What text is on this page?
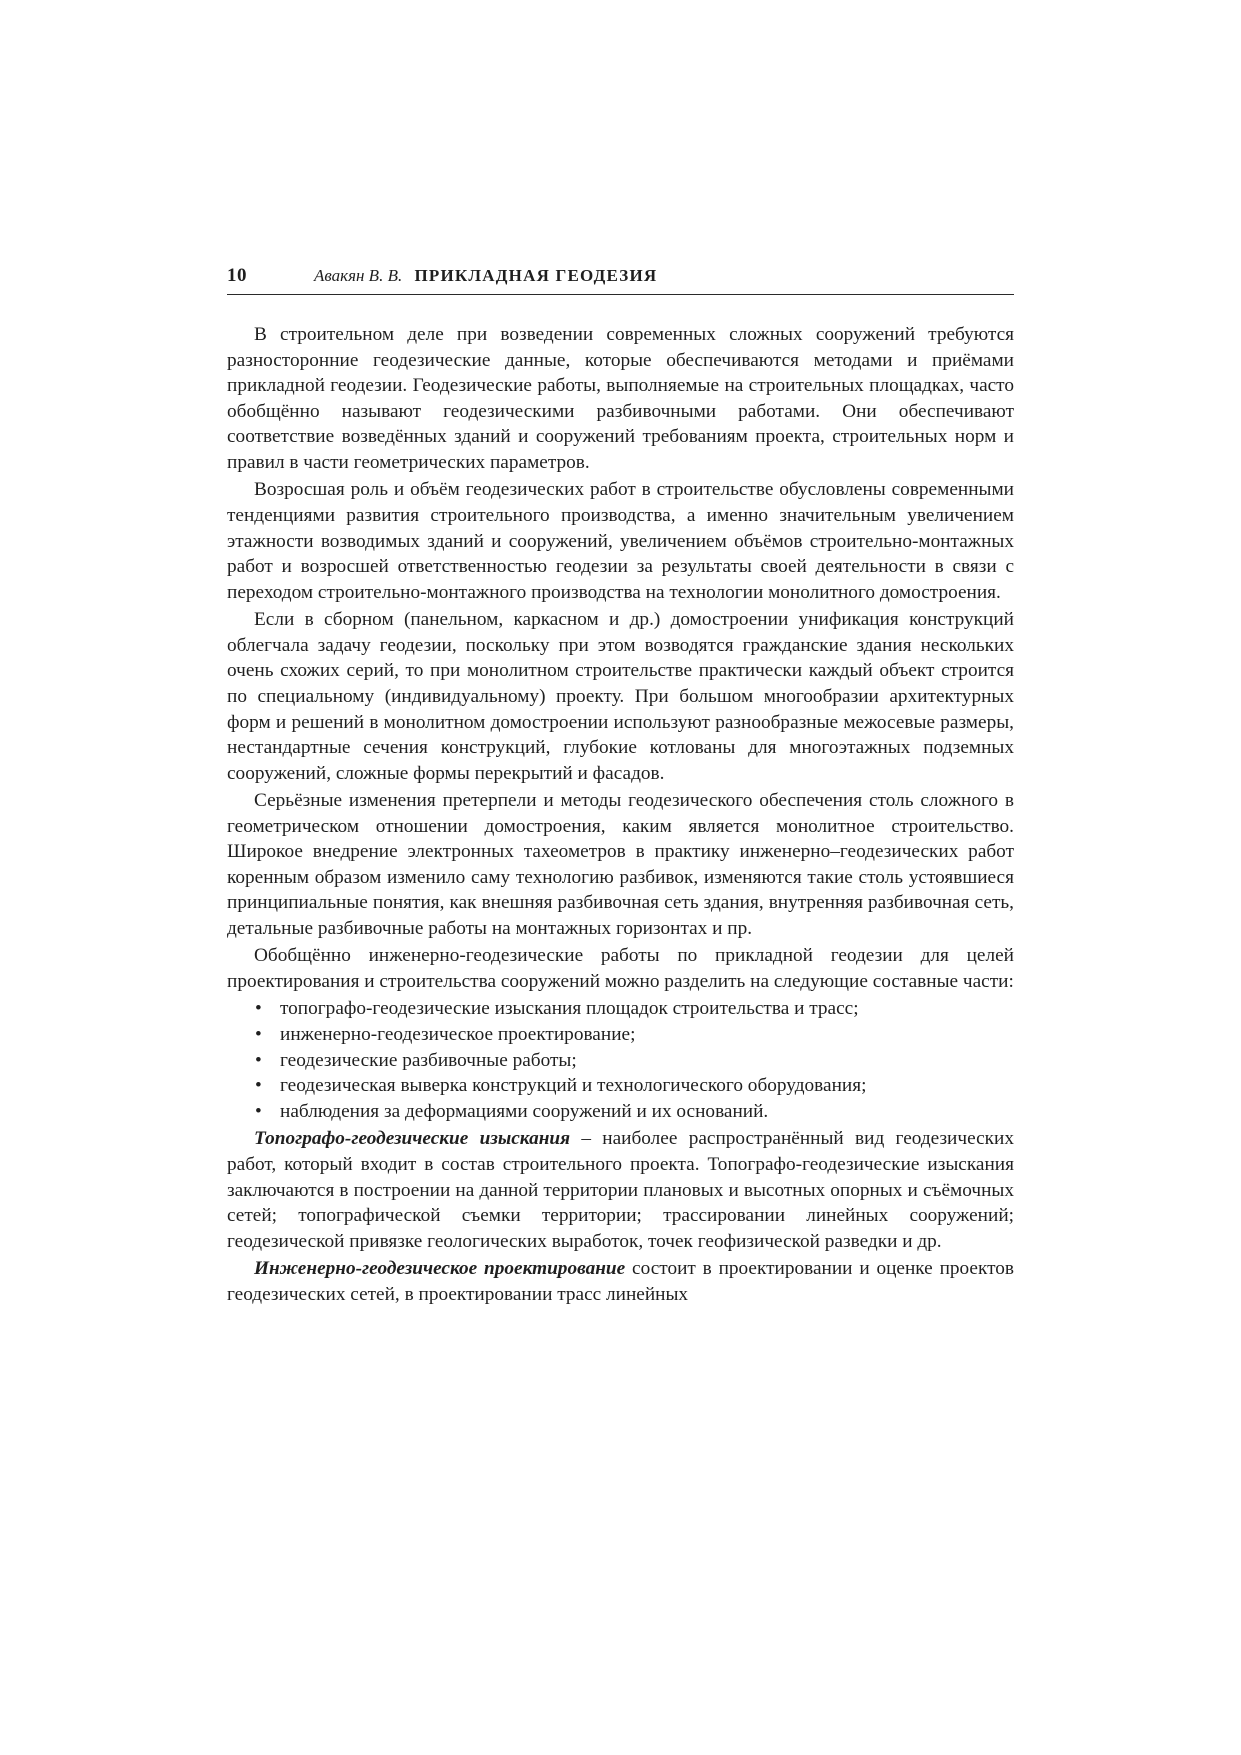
10	Авакян В. В. ПРИКЛАДНАЯ ГЕОДЕЗИЯ

В строительном деле при возведении современных сложных сооружений требуются разносторонние геодезические данные, которые обеспечиваются методами и приёмами прикладной геодезии. Геодезические работы, выполняемые на строительных площадках, часто обобщённо называют геодезическими разбивочными работами. Они обеспечивают соответствие возведённых зданий и сооружений требованиям проекта, строительных норм и правил в части геометрических параметров.

Возросшая роль и объём геодезических работ в строительстве обусловлены современными тенденциями развития строительного производства, а именно значительным увеличением этажности возводимых зданий и сооружений, увеличением объёмов строительно-монтажных работ и возросшей ответственностью геодезии за результаты своей деятельности в связи с переходом строительно-монтажного производства на технологии монолитного домостроения.

Если в сборном (панельном, каркасном и др.) домостроении унификация конструкций облегчала задачу геодезии, поскольку при этом возводятся гражданские здания нескольких очень схожих серий, то при монолитном строительстве практически каждый объект строится по специальному (индивидуальному) проекту. При большом многообразии архитектурных форм и решений в монолитном домостроении используют разнообразные межосевые размеры, нестандартные сечения конструкций, глубокие котлованы для многоэтажных подземных сооружений, сложные формы перекрытий и фасадов.

Серьёзные изменения претерпели и методы геодезического обеспечения столь сложного в геометрическом отношении домостроения, каким является монолитное строительство. Широкое внедрение электронных тахеометров в практику инженерно–геодезических работ коренным образом изменило саму технологию разбивок, изменяются такие столь устоявшиеся принципиальные понятия, как внешняя разбивочная сеть здания, внутренняя разбивочная сеть, детальные разбивочные работы на монтажных горизонтах и пр.

Обобщённо инженерно-геодезические работы по прикладной геодезии для целей проектирования и строительства сооружений можно разделить на следующие составные части:

• топографо-геодезические изыскания площадок строительства и трасс;
• инженерно-геодезическое проектирование;
• геодезические разбивочные работы;
• геодезическая выверка конструкций и технологического оборудования;
• наблюдения за деформациями сооружений и их оснований.

Топографо-геодезические изыскания – наиболее распространённый вид геодезических работ, который входит в состав строительного проекта. Топографо-геодезические изыскания заключаются в построении на данной территории плановых и высотных опорных и съёмочных сетей; топографической съемки территории; трассировании линейных сооружений; геодезической привязке геологических выработок, точек геофизической разведки и др.

Инженерно-геодезическое проектирование состоит в проектировании и оценке проектов геодезических сетей, в проектировании трасс линейных
